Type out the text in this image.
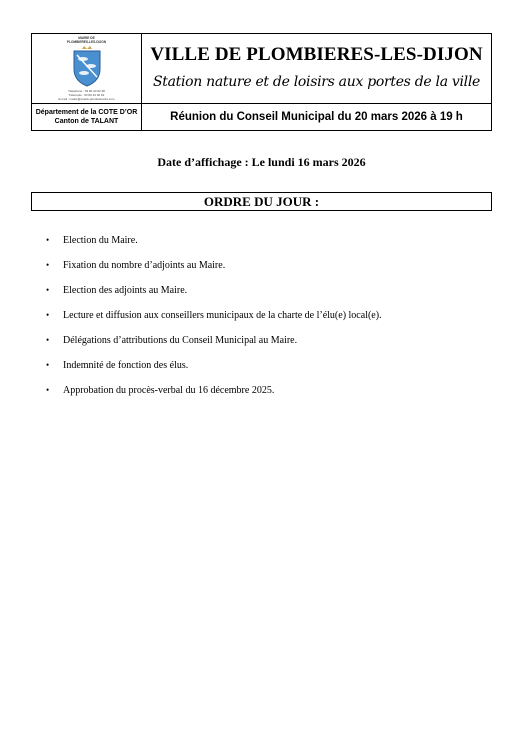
MAIRIE DE
PLOMBIERES-LES-DIJON
Téléphone : 03 80 43 02 38
Télécopie : 03 80 43 36 62
E-mail : mairie@mairie-plombieres21.com
VILLE DE PLOMBIERES-LES-DIJON
Station nature et de loisirs aux portes de la ville
Département de la COTE D’OR
Canton de TALANT	Réunion du Conseil Municipal du 20 mars 2026 à 19 h
Date d’affichage : Le lundi 16 mars 2026
ORDRE DU JOUR :
• Election du Maire.
• Fixation du nombre d’adjoints au Maire.
• Election des adjoints au Maire.
• Lecture et diffusion aux conseillers municipaux de la charte de l’élu(e) local(e).
• Délégations d’attributions du Conseil Municipal au Maire.
• Indemnité de fonction des élus.
• Approbation du procès-verbal du 16 décembre 2025.
